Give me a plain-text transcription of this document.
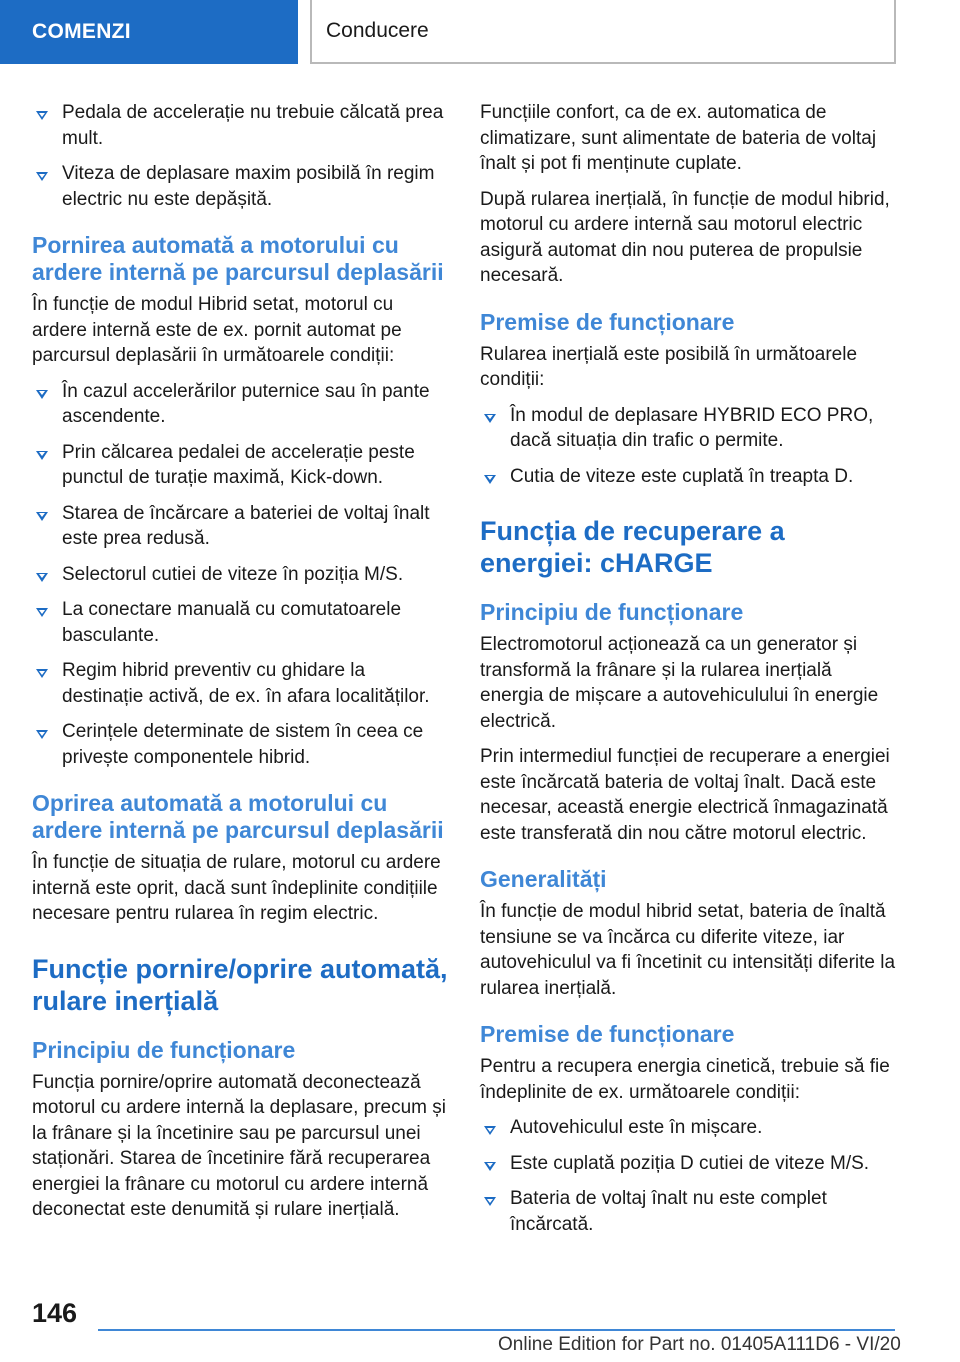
COMENZI	Conducere
Pedala de accelerație nu trebuie călcată prea mult.
Viteza de deplasare maxim posibilă în regim electric nu este depășită.
Pornirea automată a motorului cu ardere internă pe parcursul deplasării

În funcție de modul Hibrid setat, motorul cu ardere internă este de ex. pornit automat pe parcursul deplasării în următoarele condiții:

În cazul accelerărilor puternice sau în pante ascendente.
Prin călcarea pedalei de accelerație peste punctul de turație maximă, Kick-down.
Starea de încărcare a bateriei de voltaj înalt este prea redusă.
Selectorul cutiei de viteze în poziția M/S.
La conectare manuală cu comutatoarele basculante.
Regim hibrid preventiv cu ghidare la destinație activă, de ex. în afara localităților.
Cerințele determinate de sistem în ceea ce privește componentele hibrid.
Oprirea automată a motorului cu ardere internă pe parcursul deplasării

În funcție de situația de rulare, motorul cu ardere internă este oprit, dacă sunt îndeplinite condițiile necesare pentru rularea în regim electric.

Funcție pornire/oprire automată, rulare inerțială
Principiu de funcționare

Funcția pornire/oprire automată deconectează motorul cu ardere internă la deplasare, precum și la frânare și la încetinire sau pe parcursul unei staționări. Starea de încetinire fără recuperarea energiei la frânare cu motorul cu ardere internă deconectat este denumită și rulare inerțială.

Funcțiile confort, ca de ex. automatica de climatizare, sunt alimentate de bateria de voltaj înalt și pot fi menținute cuplate.

După rularea inerțială, în funcție de modul hibrid, motorul cu ardere internă sau motorul electric asigură automat din nou puterea de propulsie necesară.

Premise de funcționare

Rularea inerțială este posibilă în următoarele condiții:

În modul de deplasare HYBRID ECO PRO, dacă situația din trafic o permite.
Cutia de viteze este cuplată în treapta D.
Funcția de recuperare a energiei: cHARGE
Principiu de funcționare

Electromotorul acționează ca un generator și transformă la frânare și la rularea inerțială energia de mișcare a autovehiculului în energie electrică.

Prin intermediul funcției de recuperare a energiei este încărcată bateria de voltaj înalt. Dacă este necesar, această energie electrică înmagazinată este transferată din nou către motorul electric.

Generalități

În funcție de modul hibrid setat, bateria de înaltă tensiune se va încărca cu diferite viteze, iar autovehiculul va fi încetinit cu intensități diferite la rularea inerțială.

Premise de funcționare

Pentru a recupera energia cinetică, trebuie să fie îndeplinite de ex. următoarele condiții:

Autovehiculul este în mișcare.
Este cuplată poziția D cutiei de viteze M/S.
Bateria de voltaj înalt nu este complet încărcată.
146
Online Edition for Part no. 01405A111D6 - VI/20
